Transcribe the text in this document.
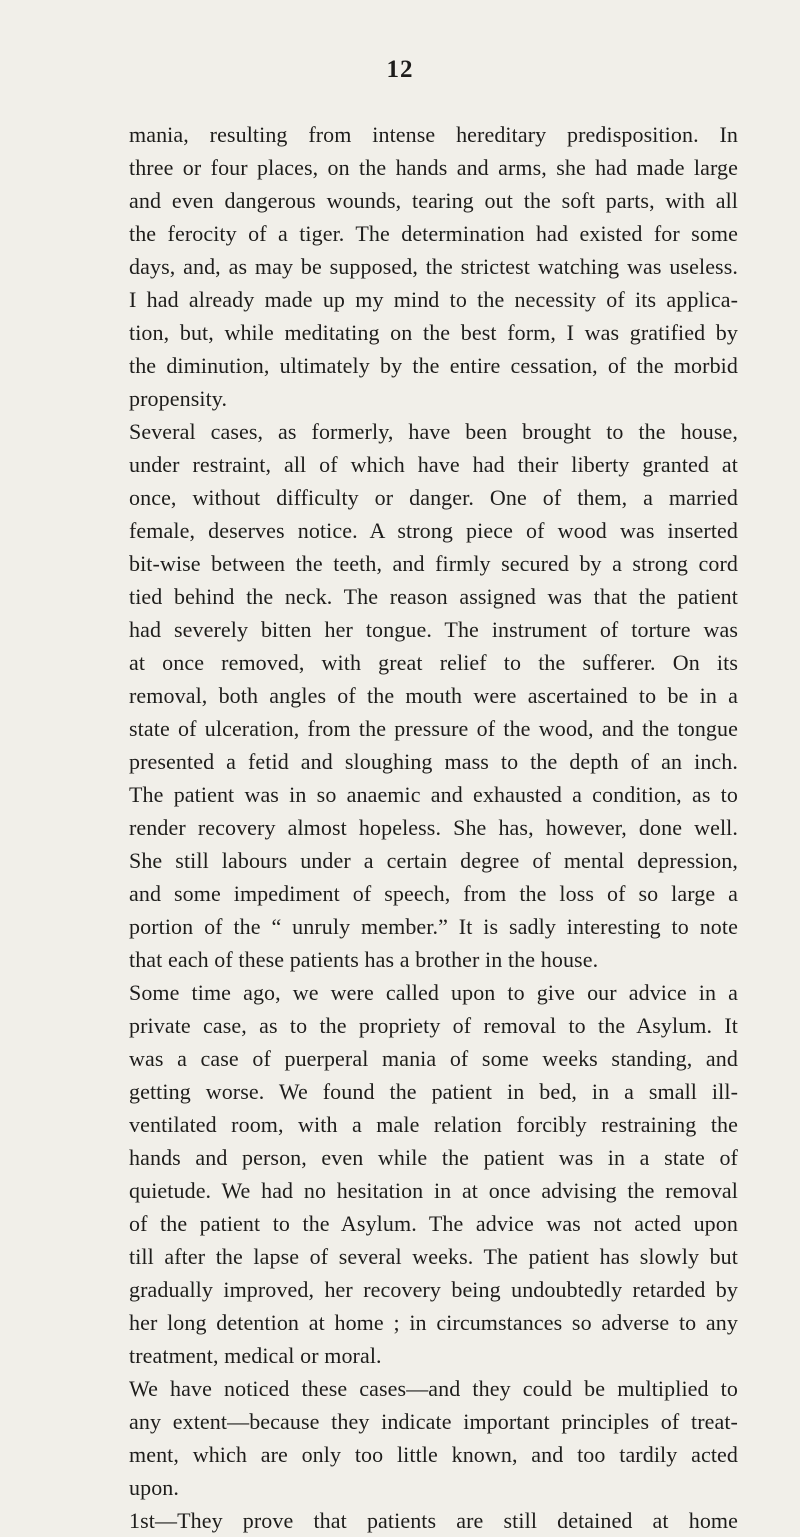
12
mania, resulting from intense hereditary predisposition. In
three or four places, on the hands and arms, she had made large
and even dangerous wounds, tearing out the soft parts, with all
the ferocity of a tiger. The determination had existed for some
days, and, as may be supposed, the strictest watching was useless.
I had already made up my mind to the necessity of its applica-
tion, but, while meditating on the best form, I was gratified by
the diminution, ultimately by the entire cessation, of the morbid
propensity.
Several cases, as formerly, have been brought to the house,
under restraint, all of which have had their liberty granted at
once, without difficulty or danger. One of them, a married
female, deserves notice. A strong piece of wood was inserted
bit-wise between the teeth, and firmly secured by a strong cord
tied behind the neck. The reason assigned was that the patient
had severely bitten her tongue. The instrument of torture was
at once removed, with great relief to the sufferer. On its
removal, both angles of the mouth were ascertained to be in a
state of ulceration, from the pressure of the wood, and the tongue
presented a fetid and sloughing mass to the depth of an inch.
The patient was in so anaemic and exhausted a condition, as to
render recovery almost hopeless. She has, however, done well.
She still labours under a certain degree of mental depression,
and some impediment of speech, from the loss of so large a
portion of the “ unruly member.” It is sadly interesting to note
that each of these patients has a brother in the house.
Some time ago, we were called upon to give our advice in a
private case, as to the propriety of removal to the Asylum. It
was a case of puerperal mania of some weeks standing, and
getting worse. We found the patient in bed, in a small ill-
ventilated room, with a male relation forcibly restraining the
hands and person, even while the patient was in a state of
quietude. We had no hesitation in at once advising the removal
of the patient to the Asylum. The advice was not acted upon
till after the lapse of several weeks. The patient has slowly but
gradually improved, her recovery being undoubtedly retarded by
her long detention at home ; in circumstances so adverse to any
treatment, medical or moral.
We have noticed these cases—and they could be multiplied to
any extent—because they indicate important principles of treat-
ment, which are only too little known, and too tardily acted
upon.
1st—They prove that patients are still detained at home
